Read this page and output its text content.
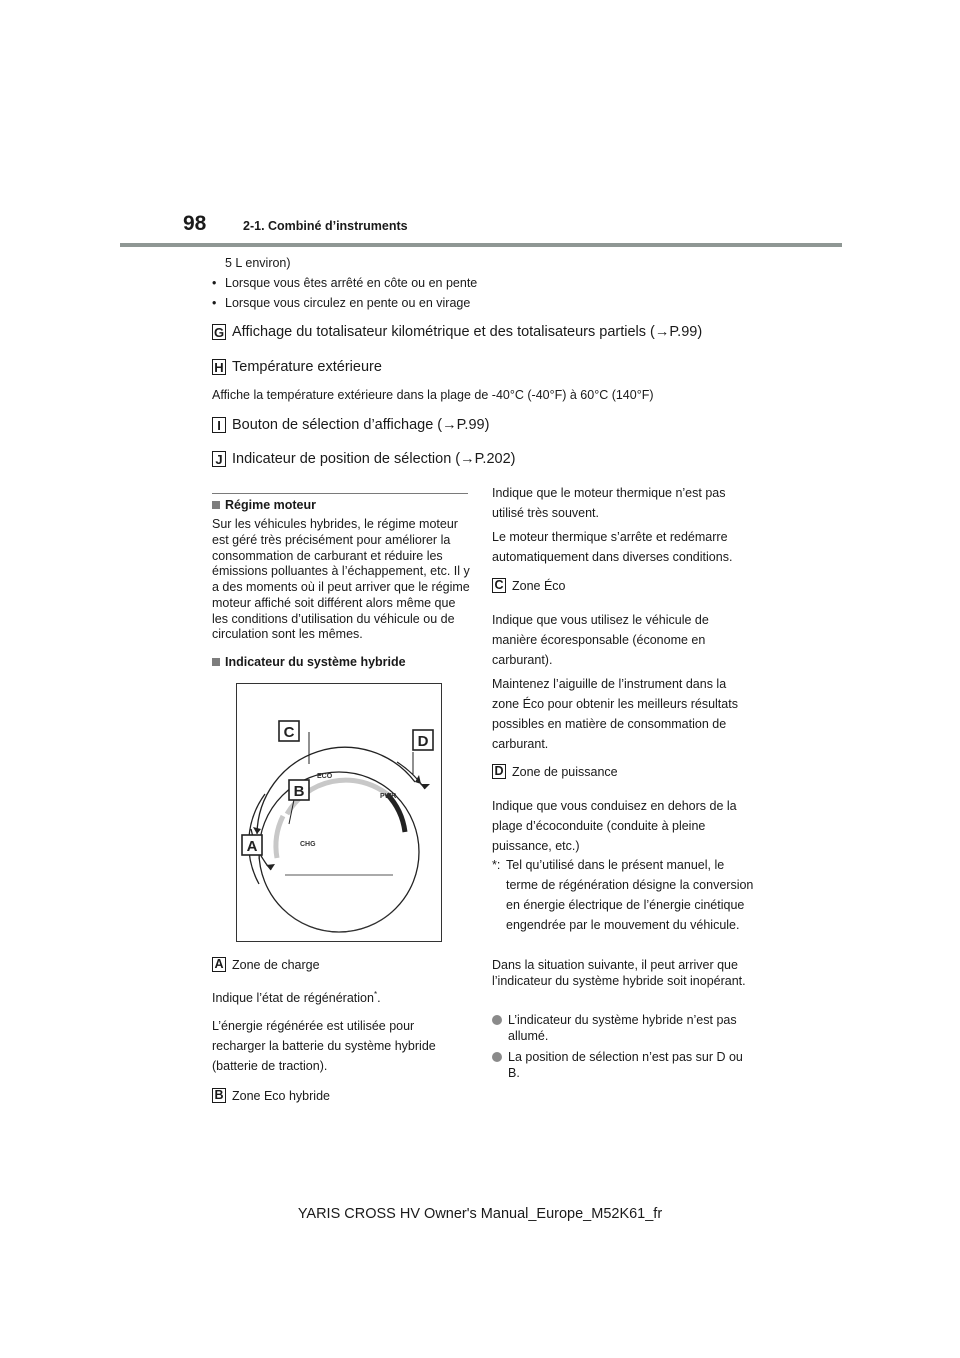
98	2-1. Combiné d’instruments
5 L environ)
• Lorsque vous êtes arrêté en côte ou en pente
• Lorsque vous circulez en pente ou en virage
G Affichage du totalisateur kilométrique et des totalisateurs partiels (→P.99)
H Température extérieure
Affiche la température extérieure dans la plage de -40°C (-40°F) à 60°C (140°F)
I Bouton de sélection d’affichage (→P.99)
J Indicateur de position de sélection (→P.202)
Régime moteur
Sur les véhicules hybrides, le régime moteur est géré très précisément pour améliorer la consommation de carburant et réduire les émissions polluantes à l’échappement, etc. Il y a des moments où il peut arriver que le régime moteur affiché soit différent alors même que les conditions d’utilisation du véhicule ou de circulation sont les mêmes.
Indicateur du système hybride
ECO
PWR
CHG
C
D
B
A
A Zone de charge
Indique l’état de régénération*.
L’énergie régénérée est utilisée pour recharger la batterie du système hybride (batterie de traction).
B Zone Eco hybride
Indique que le moteur thermique n’est pas utilisé très souvent.
Le moteur thermique s’arrête et redémarre automatiquement dans diverses conditions.
C Zone Éco
Indique que vous utilisez le véhicule de manière écoresponsable (économe en carburant).
Maintenez l’aiguille de l’instrument dans la zone Éco pour obtenir les meilleurs résultats possibles en matière de consommation de carburant.
D Zone de puissance
Indique que vous conduisez en dehors de la plage d’écoconduite (conduite à pleine puissance, etc.)
*: Tel qu’utilisé dans le présent manuel, le terme de régénération désigne la conversion en énergie électrique de l’énergie cinétique engendrée par le mouvement du véhicule.
Dans la situation suivante, il peut arriver que l’indicateur du système hybride soit inopérant.
L’indicateur du système hybride n’est pas allumé.
La position de sélection n’est pas sur D ou B.
YARIS CROSS HV Owner's Manual_Europe_M52K61_fr
